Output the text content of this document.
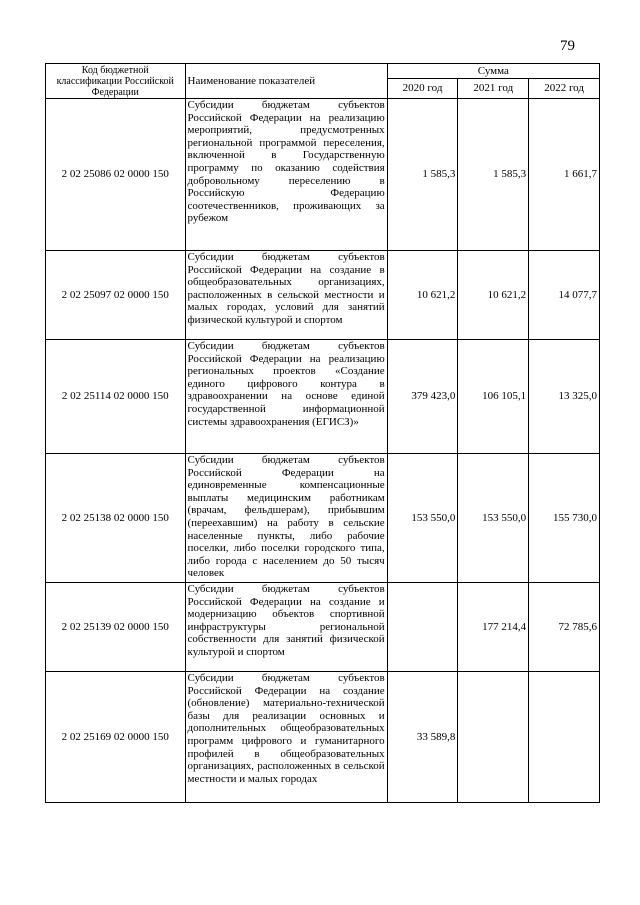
79
Код бюджетной классификации Российской Федерации	Наименование показателей	Сумма		
		2020 год	2021 год	2022 год
2 02 25086 02 0000 150	Субсидии бюджетам субъектов Российской Федерации на реализацию мероприятий, предусмотренных региональной программой переселения, включенной в Государственную программу по оказанию содействия добровольному переселению в Российскую Федерацию соотечественников, проживающих за рубежом	1 585,3	1 585,3	1 661,7
2 02 25097 02 0000 150	Субсидии бюджетам субъектов Российской Федерации на создание в общеобразовательных организациях, расположенных в сельской местности и малых городах, условий для занятий физической культурой и спортом	10 621,2	10 621,2	14 077,7
2 02 25114 02 0000 150	Субсидии бюджетам субъектов Российской Федерации на реализацию региональных проектов «Создание единого цифрового контура в здравоохранении на основе единой государственной информационной системы здравоохранения (ЕГИСЗ)»	379 423,0	106 105,1	13 325,0
2 02 25138 02 0000 150	Субсидии бюджетам субъектов Российской Федерации на единовременные компенсационные выплаты медицинским работникам (врачам, фельдшерам), прибывшим (переехавшим) на работу в сельские населенные пункты, либо рабочие поселки, либо поселки городского типа, либо города с населением до 50 тысяч человек	153 550,0	153 550,0	155 730,0
2 02 25139 02 0000 150	Субсидии бюджетам субъектов Российской Федерации на создание и модернизацию объектов спортивной инфраструктуры региональной собственности для занятий физической культурой и спортом		177 214,4	72 785,6
2 02 25169 02 0000 150	Субсидии бюджетам субъектов Российской Федерации на создание (обновление) материально-технической базы для реализации основных и дополнительных общеобразовательных программ цифрового и гуманитарного профилей в общеобразовательных организациях, расположенных в сельской местности и малых городах	33 589,8		
